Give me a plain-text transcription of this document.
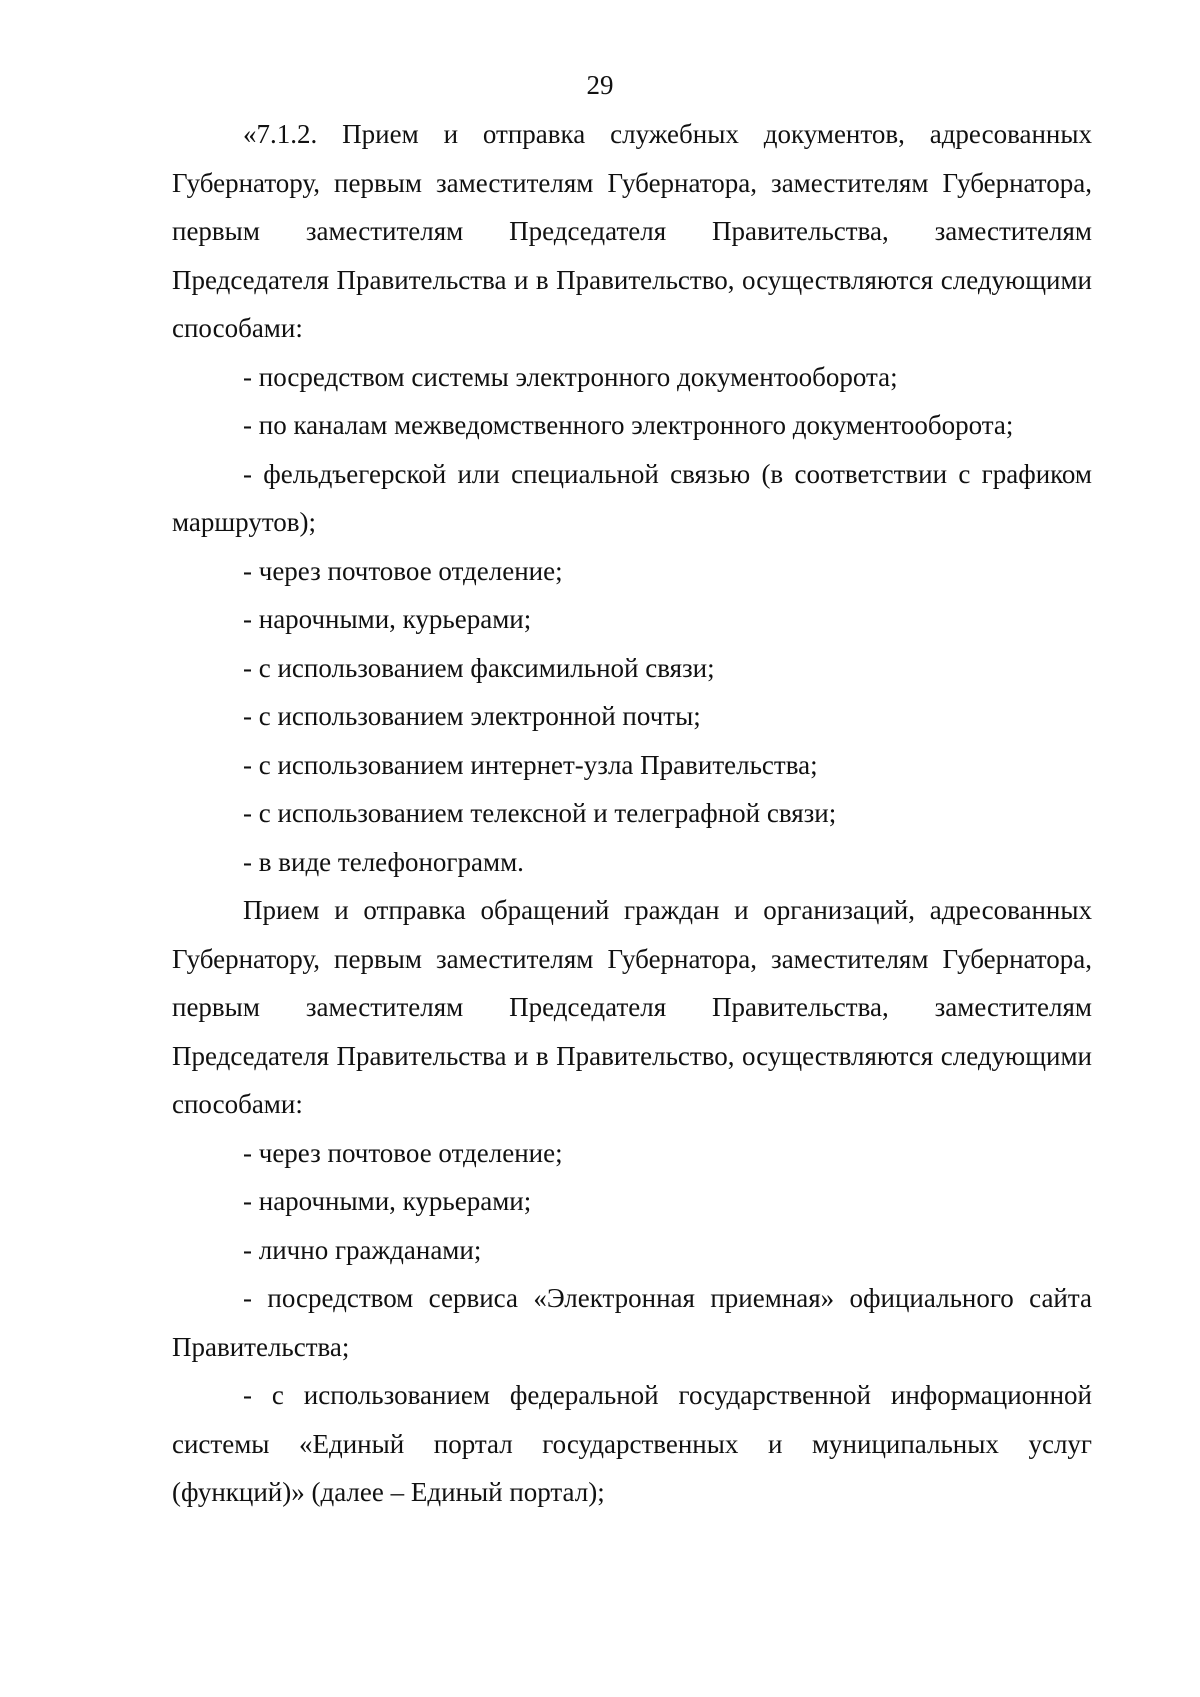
29

«7.1.2. Прием и отправка служебных документов, адресованных Губернатору, первым заместителям Губернатора, заместителям Губернатора, первым заместителям Председателя Правительства, заместителям Председателя Правительства и в Правительство, осуществляются следующими способами:

- посредством системы электронного документооборота;

- по каналам межведомственного электронного документооборота;

- фельдъегерской или специальной связью (в соответствии с графиком маршрутов);

- через почтовое отделение;

- нарочными, курьерами;

- с использованием факсимильной связи;

- с использованием электронной почты;

- с использованием интернет-узла Правительства;

- с использованием телексной и телеграфной связи;

- в виде телефонограмм.

Прием и отправка обращений граждан и организаций, адресованных Губернатору, первым заместителям Губернатора, заместителям Губернатора, первым заместителям Председателя Правительства, заместителям Председателя Правительства и в Правительство, осуществляются следующими способами:

- через почтовое отделение;

- нарочными, курьерами;

- лично гражданами;

- посредством сервиса «Электронная приемная» официального сайта Правительства;

- с использованием федеральной государственной информационной системы «Единый портал государственных и муниципальных услуг (функций)» (далее – Единый портал);
